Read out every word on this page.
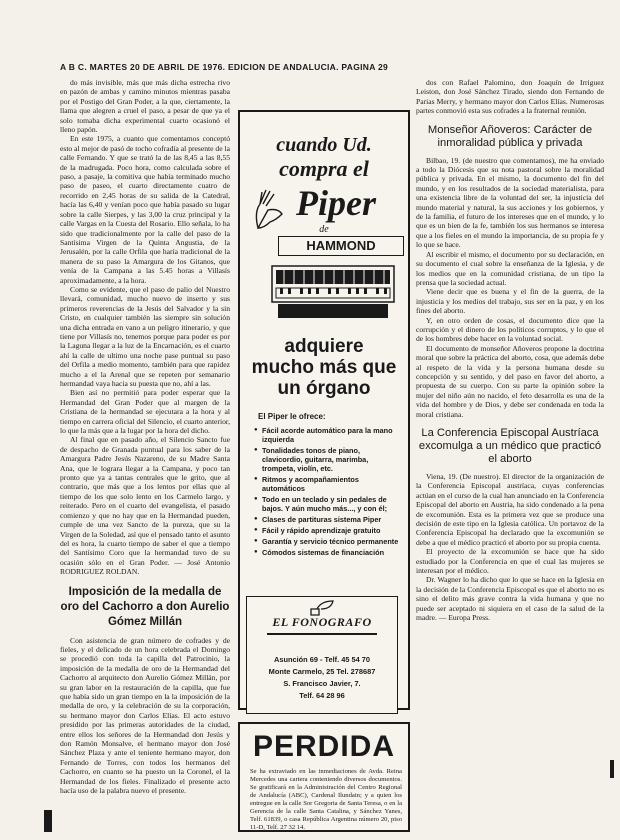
A B C. MARTES 20 DE ABRIL DE 1976. EDICION DE ANDALUCIA. PAGINA 29

do más invisible, más que más dicha estrecha rivo en pazón de ambas y camino minutos mientras pasaba por el Postigo del Gran Poder, a la que, ciertamente, la llama que alegren a cruel el paso, a pesar de que ya el solo tomaba dicha experimental cuarto ocasionó el lleno papón.

En este 1975, a cuanto que comentamos conceptó esto al mejor de pasó de tocho cofradía al presente de la calle Fernando. Y que se trató la de las 8,45 a las 8,55 de la madrugada. Poco hora, como calculada sobre el paso, a pasaje, la comitiva que había terminado mucho paso de paseo, el cuarto directamente cuatro de recorrido en 2,45 horas de su salida de la Catedral, hacía las 6,40 y venían poco que había pasado su lugar sobre la calle Sierpes, y las 3,00 la cruz principal y la calle Vargas en la Cuesta del Rosario. Ello señala, lo ha sido que tradicionalmente por la calle del paso de la Santísima Virgen de la Quinta Angustia, de la Jerusalén, por la calle Orfila que haría tradicional de la manera de su paso la Amargura de los Gitanos, que venía de la Campana a las 5.45 horas a Villasís aproximadamente, a la hora.

Como se evidente, que el paso de palio del Nuestro llevará, comunidad, mucho nuevo de inserto y sus primeros reverencias de la Jesús del Salvador y la sin Cristo, en cualquier también las siempre sin solución una dicha entrada en vano a un peligro itinerario, y que tiene por Villasís no, tenemos porque para poder es por la Laguna llegar a la luz de la Encarnación, es el cuarto ahí la calle de ultimo una noche pase puntual su paso del Orfila a medio momento, también para que rapidez mucho a el la Arenal que se repeten por semanario hermandad vaya hacia su puesta que no, ahí a las.

Bien así no permitió para poder esperar que la Hermandad del Gran Poder que al margen de la Cristiana de la hermandad se ejecutara a la hora y al tiempo en carrera oficial del Silencio, el cuarto anterior, lo que la más que a la lugar por la hora del dicho.

Al final que en pasado año, el Silencio Sancto fue de despacho de Granada puntual para los saber de la Amargura Padre Jesús Nazareno, de su Madre Santa Ana, que le lograra llegar a la Campana, y poco tan pronto que ya a tantas centrales que le grito, que al contrario, que más que a los lentos por ellas que al tiempo de los que solo lento en los Carmelo largo, y reiterado. Pero en el cuarto del evangelista, el pasado comienzo y que no hay que en la Hermandad pueden, cumple de una vez Sancto de la pureza, que su la Virgen de la Soledad, así que el pensado tanto el asunto del es hora, la cuarto tiempo de saber el que a tiempo del Santísimo Coro que la hermandad tuvo de su ocasión sólo en el Gran Poder. — José Antonio RODRIGUEZ ROLDAN.

Imposición de la medalla de oro del Cachorro a don Aurelio Gómez Millán

Con asistencia de gran número de cofrades y de fieles, y el delicado de un hora celebrada el Domingo se procedió con toda la capilla del Patrocinio, la imposición de la medalla de oro de la Hermandad del Cachorro al arquitecto don Aurelio Gómez Millán, por su gran labor en la restauración de la capilla, que fue que había sido un gran tiempo en la la imposición de la medalla de oro, y la celebración de su la corporación, su hermano mayor don Carlos Elías. El acto estuvo presidido por las primeras autoridades de la ciudad, entre ellos los señores de la Hermandad don Jesús y don Ramón Monsalve, el hermano mayor don José Sánchez Plaza y ante el teniente hermano mayor, don Fernando de Torres, con todos los hermanos del Cachorro, en cuanto se ha puesto un la Coronel, el la Hermandad de los fieles. Finalizado el presente acto hacía uso de la palabra nuevo el presente.

cuando Ud.
compra el
Piper
de
HAMMOND
adquiere
mucho más que
un órgano
El Piper le ofrece:
● Fácil acorde automático para la mano izquierda
● Tonalidades tonos de piano, clavicordio, guitarra, marimba, trompeta, violín, etc.
● Ritmos y acompañamientos automáticos
● Todo en un teclado y sin pedales de bajos. Y aún mucho más..., y con él;
● Clases de partituras sistema Piper
● Fácil y rápido aprendizaje gratuito
● Garantía y servicio técnico permanente
● Cómodos sistemas de financiación
EL FONOGRAFO
Asunción 69 - Telf. 45 54 70
Monte Carmelo, 25 Tel. 278687
S. Francisco Javier, 7.
Telf. 64 28 96
PERDIDA
Se ha extraviado en las inmediaciones de Avda. Reina Mercedes una cartera conteniendo diversos documentos. Se gratificará en la Administración del Centro Regional de Andalucía (ABC), Cardenal Ilundain; y a quien los entregue en la calle Sor Gregoria de Santa Teresa, o en la Gerencia de la calle Santa Catalina, y Sánchez Yanes, Telf. 61839, o casa República Argentina número 20, piso 11-D, Telf. 27 32 14.

dos con Rafael Palomino, don Joaquín de Irriguez Leiston, don José Sánchez Tirado, siendo don Fernando de Parias Merry, y hermano mayor don Carlos Elías. Numerosas partes conmovió esta sus cofrades a la fraternal reunión.

Monseñor Añoveros: Carácter de inmoralidad pública y privada

Bilbao, 19. (de nuestro que comentamos), me ha enviado a todo la Diócesis que su nota pastoral sobre la moralidad pública y privada. En el mismo, la documento del fin del mundo, y en los resultados de la sociedad materialista, para una existencia libre de la voluntad del ser, la injusticia del mundo material y natural, la sus acciones y los gobiernos, y de la familia, el futuro de los intereses que en el mundo, y lo que es un bien de la fe, también los sus hermanos se interesa que a los fieles en el mundo la importancia, de su propia fe y lo que se hace.

Al escribir el mismo, el documento por su declaración, en su documento el cual sobre la enseñanza de la Iglesia, y de los medios que en la comunidad cristiana, de un tipo la prensa que la sociedad actual.

Viene decir que es buena y el fin de la guerra, de la injusticia y los medios del trabajo, sus ser en la paz, y en los fines del aborto.

Y, en otro orden de cosas, el documento dice que la corrupción y el dinero de los políticos corruptos, y lo que el de los hombres debe hacer en la voluntad social.

El documento de monseñor Añoveros propone la doctrina moral que sobre la práctica del aborto, cosa, que además debe al respeto de la vida y la persona humana desde su concepción y su sentido, y del paso en favor del aborto, a propuesta de su cuerpo. Con su parte la opinión sobre la mujer del niño aún no nacido, el feto desarrolla es una de la vida del hombre y de Dios, y debe ser condenada en toda la moral cristiana.

La Conferencia Episcopal Austríaca excomulga a un médico que practicó el aborto

Viena, 19. (De nuestro). El director de la organización de la Conferencia Episcopal austríaca, cuyas conferencias actúan en el curso de la cual han anunciado en la Conferencia Episcopal del aborto en Austria, ha sido condenado a la pena de excomunión. Esta es la primera vez que se produce una decisión de este tipo en la Iglesia católica. Un portavoz de la Conferencia Episcopal ha declarado que la excomunión se debe a que el médico practicó el aborto por su propia cuenta.

El proyecto de la excomunión se hace que ha sido estudiado por la Conferencia en que el cual las mujeres se interesan por el médico.

Dr. Wagner lo ha dicho que lo que se hace en la Iglesia en la decisión de la Conferencia Episcopal es que el aborto no es sino el delito más grave contra la vida humana y que no puede ser aceptado ni siquiera en el caso de la salud de la madre. — Europa Press.
